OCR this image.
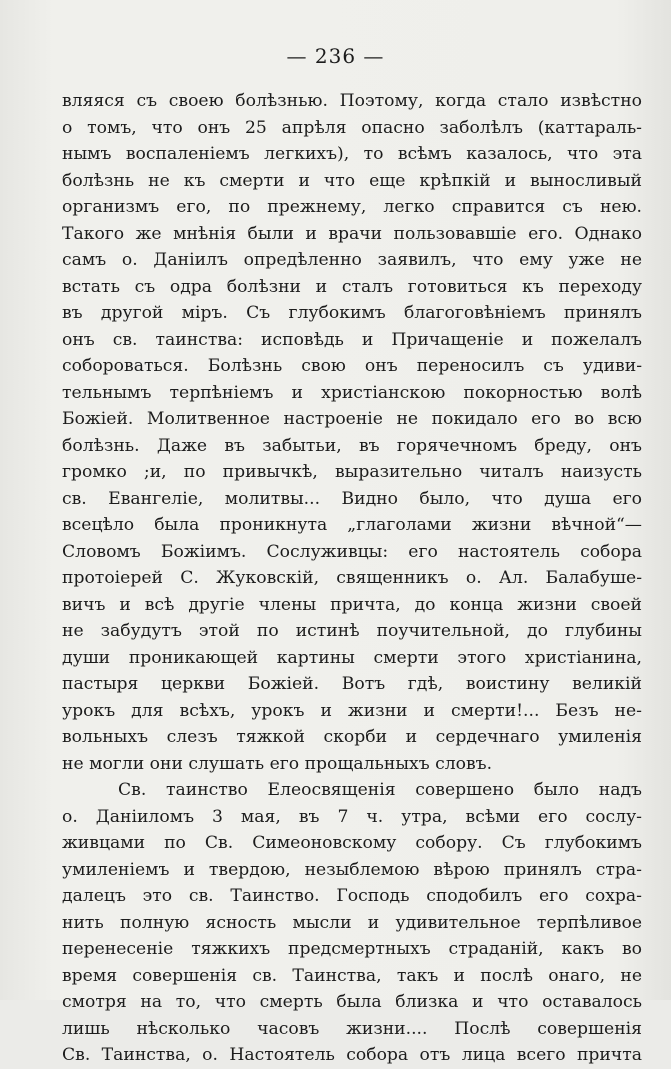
— 236 —
вляяся съ своею болѣзнью. Поэтому, когда стало извѣстно
о томъ, что онъ 25 апрѣля опасно заболѣлъ (каттараль-
нымъ воспаленіемъ легкихъ), то всѣмъ казалось, что эта
болѣзнь не къ смерти и что еще крѣпкій и выносливый
организмъ его, по прежнему, легко справится съ нею.
Такого же мнѣнія были и врачи пользовавшіе его. Однако
самъ о. Даніилъ опредѣленно заявилъ, что ему уже не
встать съ одра болѣзни и сталъ готовиться къ переходу
въ другой міръ. Съ глубокимъ благоговѣніемъ принялъ
онъ св. таинства: исповѣдь и Причащеніе и пожелалъ
собороваться. Болѣзнь свою онъ переносилъ съ удиви-
тельнымъ терпѣніемъ и христіанскою покорностью волѣ
Божіей. Молитвенное настроеніе не покидало его во всю
болѣзнь. Даже въ забытьи, въ горячечномъ бреду, онъ
громко ;и, по привычкѣ, выразительно читалъ наизусть
св. Евангеліе, молитвы... Видно было, что душа его
всецѣло была проникнута „глаголами жизни вѣчной“—
Словомъ Божіимъ. Сослуживцы: его настоятель собора
протоіерей С. Жуковскій, священникъ о. Ал. Балабуше-
вичъ и всѣ другіе члены причта, до конца жизни своей
не забудутъ этой по истинѣ поучительной, до глубины
души проникающей картины смерти этого христіанина,
пастыря церкви Божіей. Вотъ гдѣ, воистину великій
урокъ для всѣхъ, урокъ и жизни и смерти!... Безъ не-
вольныхъ слезъ тяжкой скорби и сердечнаго умиленія
не могли они слушать его прощальныхъ словъ.
Св. таинство Елеосвященія совершено было надъ
о. Даніиломъ 3 мая, въ 7 ч. утра, всѣми его сослу-
живцами по Св. Симеоновскому собору. Съ глубокимъ
умиленіемъ и твердою, незыблемою вѣрою принялъ стра-
далецъ это св. Таинство. Господь сподобилъ его сохра-
нить полную ясность мысли и удивительное терпѣливое
перенесеніе тяжкихъ предсмертныхъ страданій, какъ во
время совершенія св. Таинства, такъ и послѣ онаго, не
смотря на то, что смерть была близка и что оставалось
лишь нѣсколько часовъ жизни.... Послѣ совершенія
Св. Таинства, о. Настоятель собора отъ лица всего причта
